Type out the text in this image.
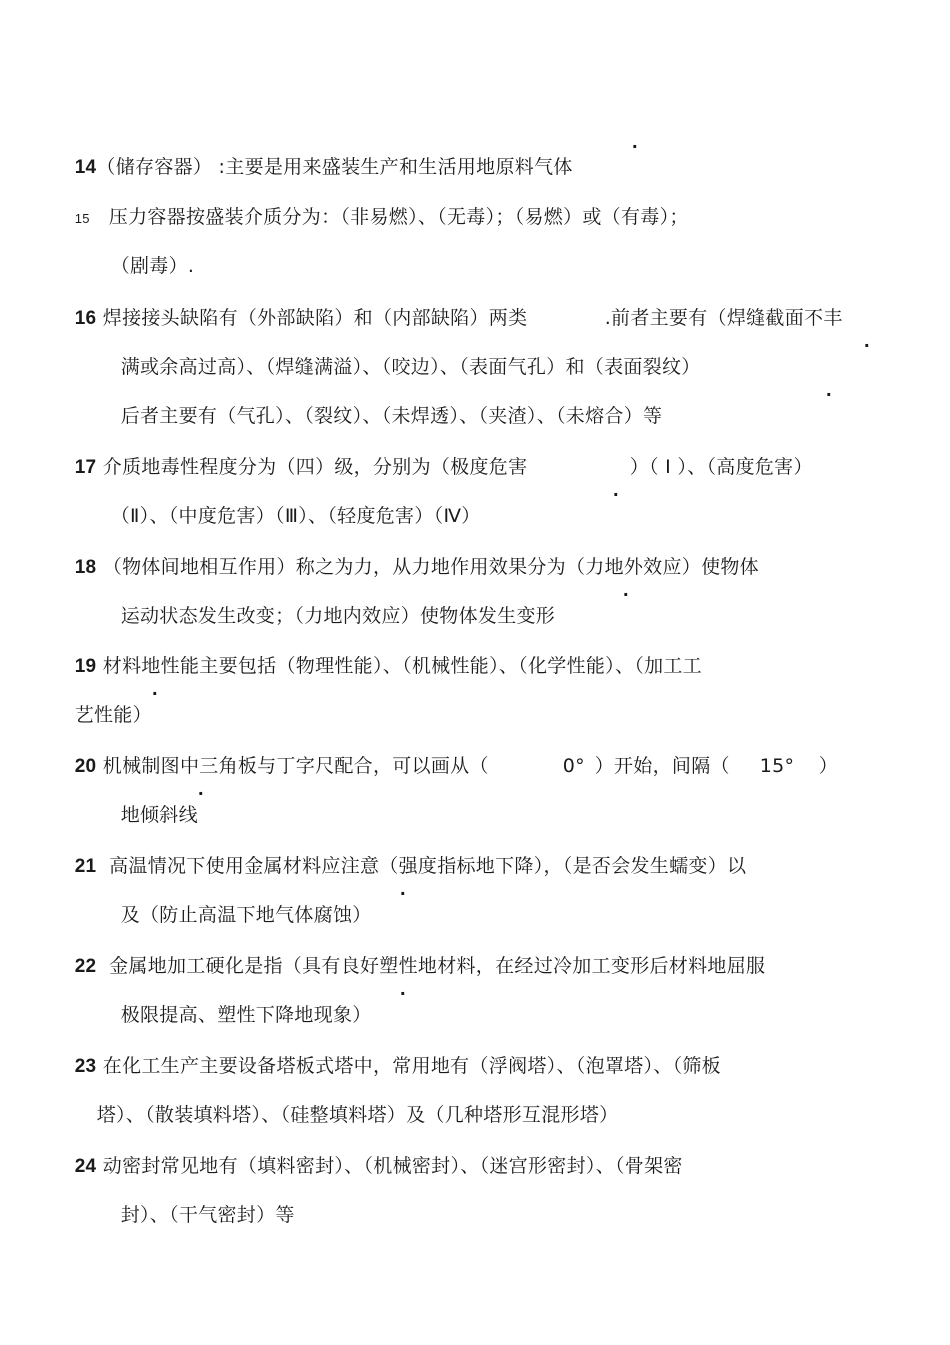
14（储存容器） :主要是用来盛装生产和生活用地原料气体

.

15 压力容器按盛装介质分为：（非易燃）、（无毒）；（易燃）或（有毒）；

（剧毒）.

16 焊接接头缺陷有（外部缺陷）和（内部缺陷）两类	.前者主要有（焊缝截面不丰

满或余高过高）、（焊缝满溢）、（咬边）、（表面气孔）和（表面裂纹）

.

后者主要有（气孔）、（裂纹）、（未焊透）、（夹渣）、（未熔合）等

.

17 介质地毒性程度分为（四）级，分别为（极度危害	）（ Ⅰ ）、（高度危害）

（Ⅱ）、（中度危害）（Ⅲ）、（轻度危害）（Ⅳ）

.

18 （物体间地相互作用）称之为力，从力地作用效果分为（力地外效应）使物体

运动状态发生改变；（力地内效应）使物体发生变形

.

19 材料地性能主要包括（物理性能）、（机械性能）、（化学性能）、（加工工

艺性能）

.

20 机械制图中三角板与丁字尺配合，可以画从（	0° ）开始，间隔（	15°	）

地倾斜线

.

21 高温情况下使用金属材料应注意（强度指标地下降），（是否会发生蠕变）以

及（防止高温下地气体腐蚀）

.

22 金属地加工硬化是指（具有良好塑性地材料，在经过冷加工变形后材料地屈服

极限提高、塑性下降地现象）

.

23 在化工生产主要设备塔板式塔中，常用地有（浮阀塔）、（泡罩塔）、（筛板

塔）、（散装填料塔）、（硅整填料塔）及（几种塔形互混形塔）

24 动密封常见地有（填料密封）、（机械密封）、（迷宫形密封）、（骨架密

封）、（干气密封）等
